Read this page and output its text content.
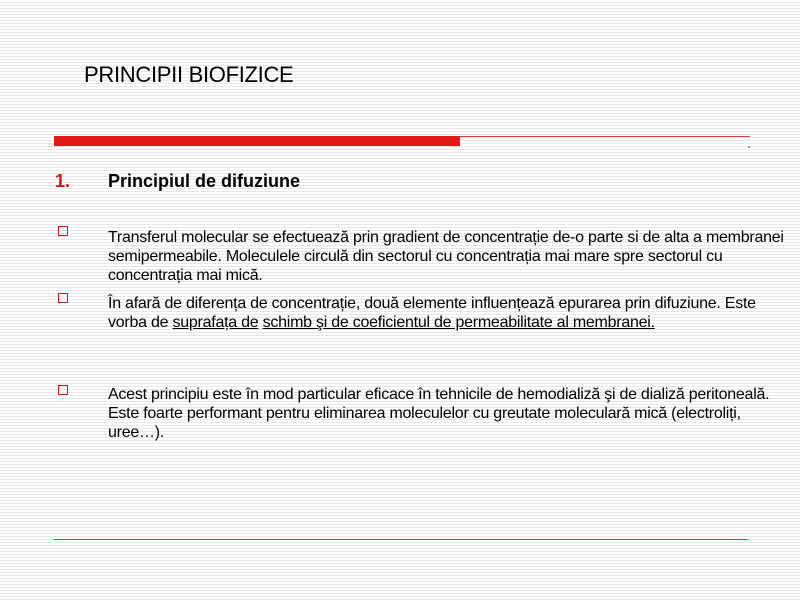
PRINCIPII BIOFIZICE
1. Principiul de difuziune
Transferul molecular se efectuează prin gradient de concentrație de-o parte si de alta a membranei semipermeabile. Moleculele circulă din sectorul cu concentrația mai mare spre sectorul cu concentrația mai mică.
În afară de diferența de concentrație, două elemente influențează epurarea prin difuziune. Este vorba de suprafața de schimb şi de coeficientul de permeabilitate al membranei.
Acest principiu este în mod particular eficace în tehnicile de hemodializă şi de dializă peritoneală. Este foarte performant pentru eliminarea moleculelor cu greutate moleculară mică (electroliți, uree…).
